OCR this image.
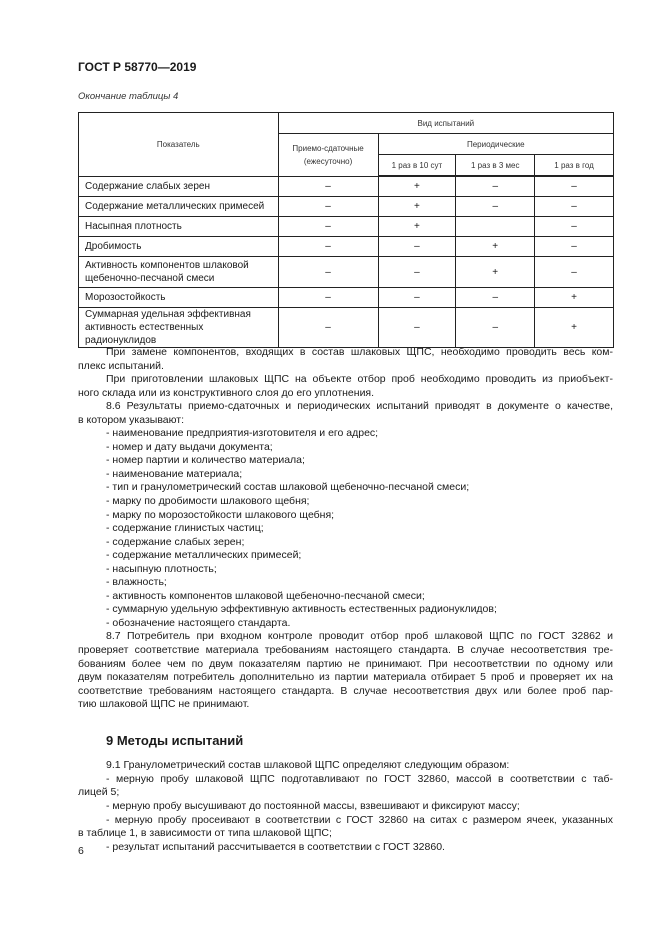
ГОСТ Р 58770—2019
Окончание таблицы 4
Показатель	Вид испытаний			
	Приемо-сдаточные (ежесуточно)	Периодические		
		1 раз в 10 сут	1 раз в 3 мес	1 раз в год
Содержание слабых зерен	–	+	–	–
Содержание металлических примесей	–	+	–	–
Насыпная плотность	–	+		–
Дробимость	–	–	+	–
Активность компонентов шлаковой щебеночно-песчаной смеси	–	–	+	–
Морозостойкость	–	–	–	+
Суммарная удельная эффективная активность естественных радионуклидов	–	–	–	+
При замене компонентов, входящих в состав шлаковых ЩПС, необходимо проводить весь ком-
плекс испытаний.
При приготовлении шлаковых ЩПС на объекте отбор проб необходимо проводить из приобъект-
ного склада или из конструктивного слоя до его уплотнения.
8.6 Результаты приемо-сдаточных и периодических испытаний приводят в документе о качестве,
в котором указывают:
- наименование предприятия-изготовителя и его адрес;
- номер и дату выдачи документа;
- номер партии и количество материала;
- наименование материала;
- тип и гранулометрический состав шлаковой щебеночно-песчаной смеси;
- марку по дробимости шлакового щебня;
- марку по морозостойкости шлакового щебня;
- содержание глинистых частиц;
- содержание слабых зерен;
- содержание металлических примесей;
- насыпную плотность;
- влажность;
- активность компонентов шлаковой щебеночно-песчаной смеси;
- суммарную удельную эффективную активность естественных радионуклидов;
- обозначение настоящего стандарта.
8.7 Потребитель при входном контроле проводит отбор проб шлаковой ЩПС по ГОСТ 32862 и
проверяет соответствие материала требованиям настоящего стандарта. В случае несоответствия тре-
бованиям более чем по двум показателям партию не принимают. При несоответствии по одному или
двум показателям потребитель дополнительно из партии материала отбирает 5 проб и проверяет их на
соответствие требованиям настоящего стандарта. В случае несоответствия двух или более проб пар-
тию шлаковой ЩПС не принимают.
9 Методы испытаний
9.1 Гранулометрический состав шлаковой ЩПС определяют следующим образом:
- мерную пробу шлаковой ЩПС подготавливают по ГОСТ 32860, массой в соответствии с таб-
лицей 5;
- мерную пробу высушивают до постоянной массы, взвешивают и фиксируют массу;
- мерную пробу просеивают в соответствии с ГОСТ 32860 на ситах с размером ячеек, указанных
в таблице 1, в зависимости от типа шлаковой ЩПС;
- результат испытаний рассчитывается в соответствии с ГОСТ 32860.
6
